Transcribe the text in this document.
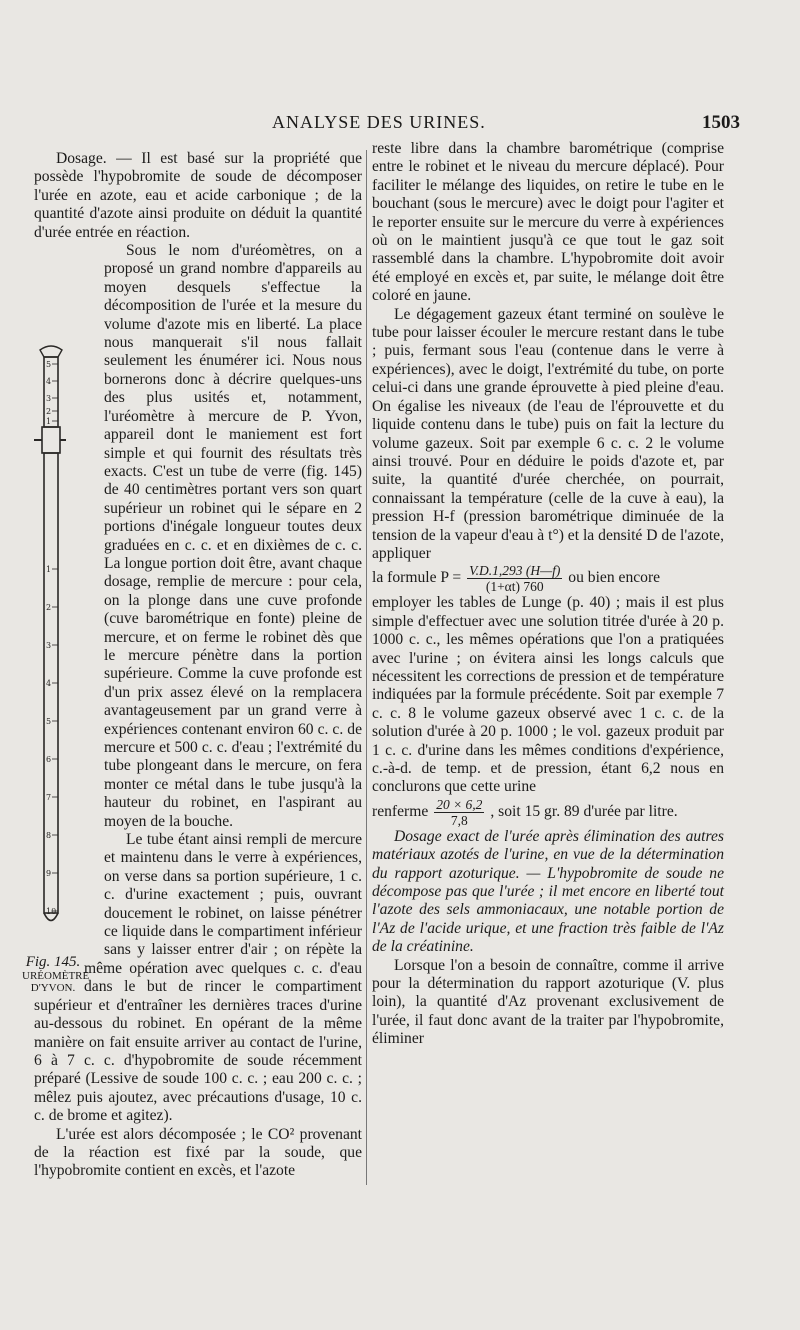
ANALYSE DES URINES.	1503

Dosage. — Il est basé sur la propriété que possède l'hypobromite de soude de décomposer l'urée en azote, eau et acide carbonique ; de la quantité d'azote ainsi produite on déduit la quantité d'urée entrée en réaction.

5
4
3
2
1
1
2
3
4
5
6
7
8
9
10

Sous le nom d'uréomètres, on a proposé un grand nombre d'appareils au moyen desquels s'effectue la décomposition de l'urée et la mesure du volume d'azote mis en liberté. La place nous manquerait s'il nous fallait seulement les énumérer ici. Nous nous bornerons donc à décrire quelques-uns des plus usités et, notamment, l'uréomètre à mercure de P. Yvon, appareil dont le maniement est fort simple et qui fournit des résultats très exacts. C'est un tube de verre (fig. 145) de 40 centimètres portant vers son quart supérieur un robinet qui le sépare en 2 portions d'inégale longueur toutes deux graduées en c. c. et en dixièmes de c. c. La longue portion doit être, avant chaque dosage, remplie de mercure : pour cela, on la plonge dans une cuve profonde (cuve barométrique en fonte) pleine de mercure, et on ferme le robinet dès que le mercure pénètre dans la portion supérieure. Comme la cuve profonde est d'un prix assez élevé on la remplacera avantageusement par un grand verre à expériences contenant environ 60 c. c. de mercure et 500 c. c. d'eau ; l'extrémité du tube plongeant dans le mercure, on fera monter ce métal dans le tube jusqu'à la hauteur du robinet, en l'aspirant au moyen de la bouche.

Fig. 145.
URÉOMÈTRE
D'YVON.

Le tube étant ainsi rempli de mercure et maintenu dans le verre à expériences, on verse dans sa portion supérieure, 1 c. c. d'urine exactement ; puis, ouvrant doucement le robinet, on laisse pénétrer ce liquide dans le compartiment inférieur sans y laisser entrer d'air ; on répète la même opération avec quelques c. c. d'eau dans le but de rincer le compartiment supérieur et d'entraîner les dernières traces d'urine au-dessous du robinet. En opérant de la même manière on fait ensuite arriver au contact de l'urine, 6 à 7 c. c. d'hypobromite de soude récemment préparé (Lessive de soude 100 c. c. ; eau 200 c. c. ; mêlez puis ajoutez, avec précautions d'usage, 10 c. c. de brome et agitez).

L'urée est alors décomposée ; le CO² provenant de la réaction est fixé par la soude, que l'hypobromite contient en excès, et l'azote

reste libre dans la chambre barométrique (comprise entre le robinet et le niveau du mercure déplacé). Pour faciliter le mélange des liquides, on retire le tube en le bouchant (sous le mercure) avec le doigt pour l'agiter et le reporter ensuite sur le mercure du verre à expériences où on le maintient jusqu'à ce que tout le gaz soit rassemblé dans la chambre. L'hypobromite doit avoir été employé en excès et, par suite, le mélange doit être coloré en jaune.

Le dégagement gazeux étant terminé on soulève le tube pour laisser écouler le mercure restant dans le tube ; puis, fermant sous l'eau (contenue dans le verre à expériences), avec le doigt, l'extrémité du tube, on porte celui-ci dans une grande éprouvette à pied pleine d'eau. On égalise les niveaux (de l'eau de l'éprouvette et du liquide contenu dans le tube) puis on fait la lecture du volume gazeux. Soit par exemple 6 c. c. 2 le volume ainsi trouvé. Pour en déduire le poids d'azote et, par suite, la quantité d'urée cherchée, on pourrait, connaissant la température (celle de la cuve à eau), la pression H-f (pression barométrique diminuée de la tension de la vapeur d'eau à t°) et la densité D de l'azote, appliquer

la formule $P = \frac{V.D.1,293 (H—f)}{(1+\alpha t) 760}$ ou bien encore

employer les tables de Lunge (p. 40) ; mais il est plus simple d'effectuer avec une solution titrée d'urée à 20 p. 1000 c. c., les mêmes opérations que l'on a pratiquées avec l'urine ; on évitera ainsi les longs calculs que nécessitent les corrections de pression et de température indiquées par la formule précédente. Soit par exemple 7 c. c. 8 le volume gazeux observé avec 1 c. c. de la solution d'urée à 20 p. 1000 ; le vol. gazeux produit par 1 c. c. d'urine dans les mêmes conditions d'expérience, c.-à-d. de temp. et de pression, étant 6,2 nous en conclurons que cette urine

renferme $\frac{20 \times 6,2}{7,8}$ , soit 15 gr. 89 d'urée par litre.

Dosage exact de l'urée après élimination des autres matériaux azotés de l'urine, en vue de la détermination du rapport azoturique. — L'hypobromite de soude ne décompose pas que l'urée ; il met encore en liberté tout l'azote des sels ammoniacaux, une notable portion de l'Az de l'acide urique, et une fraction très faible de l'Az de la créatinine.

Lorsque l'on a besoin de connaître, comme il arrive pour la détermination du rapport azoturique (V. plus loin), la quantité d'Az provenant exclusivement de l'urée, il faut donc avant de la traiter par l'hypobromite, éliminer
